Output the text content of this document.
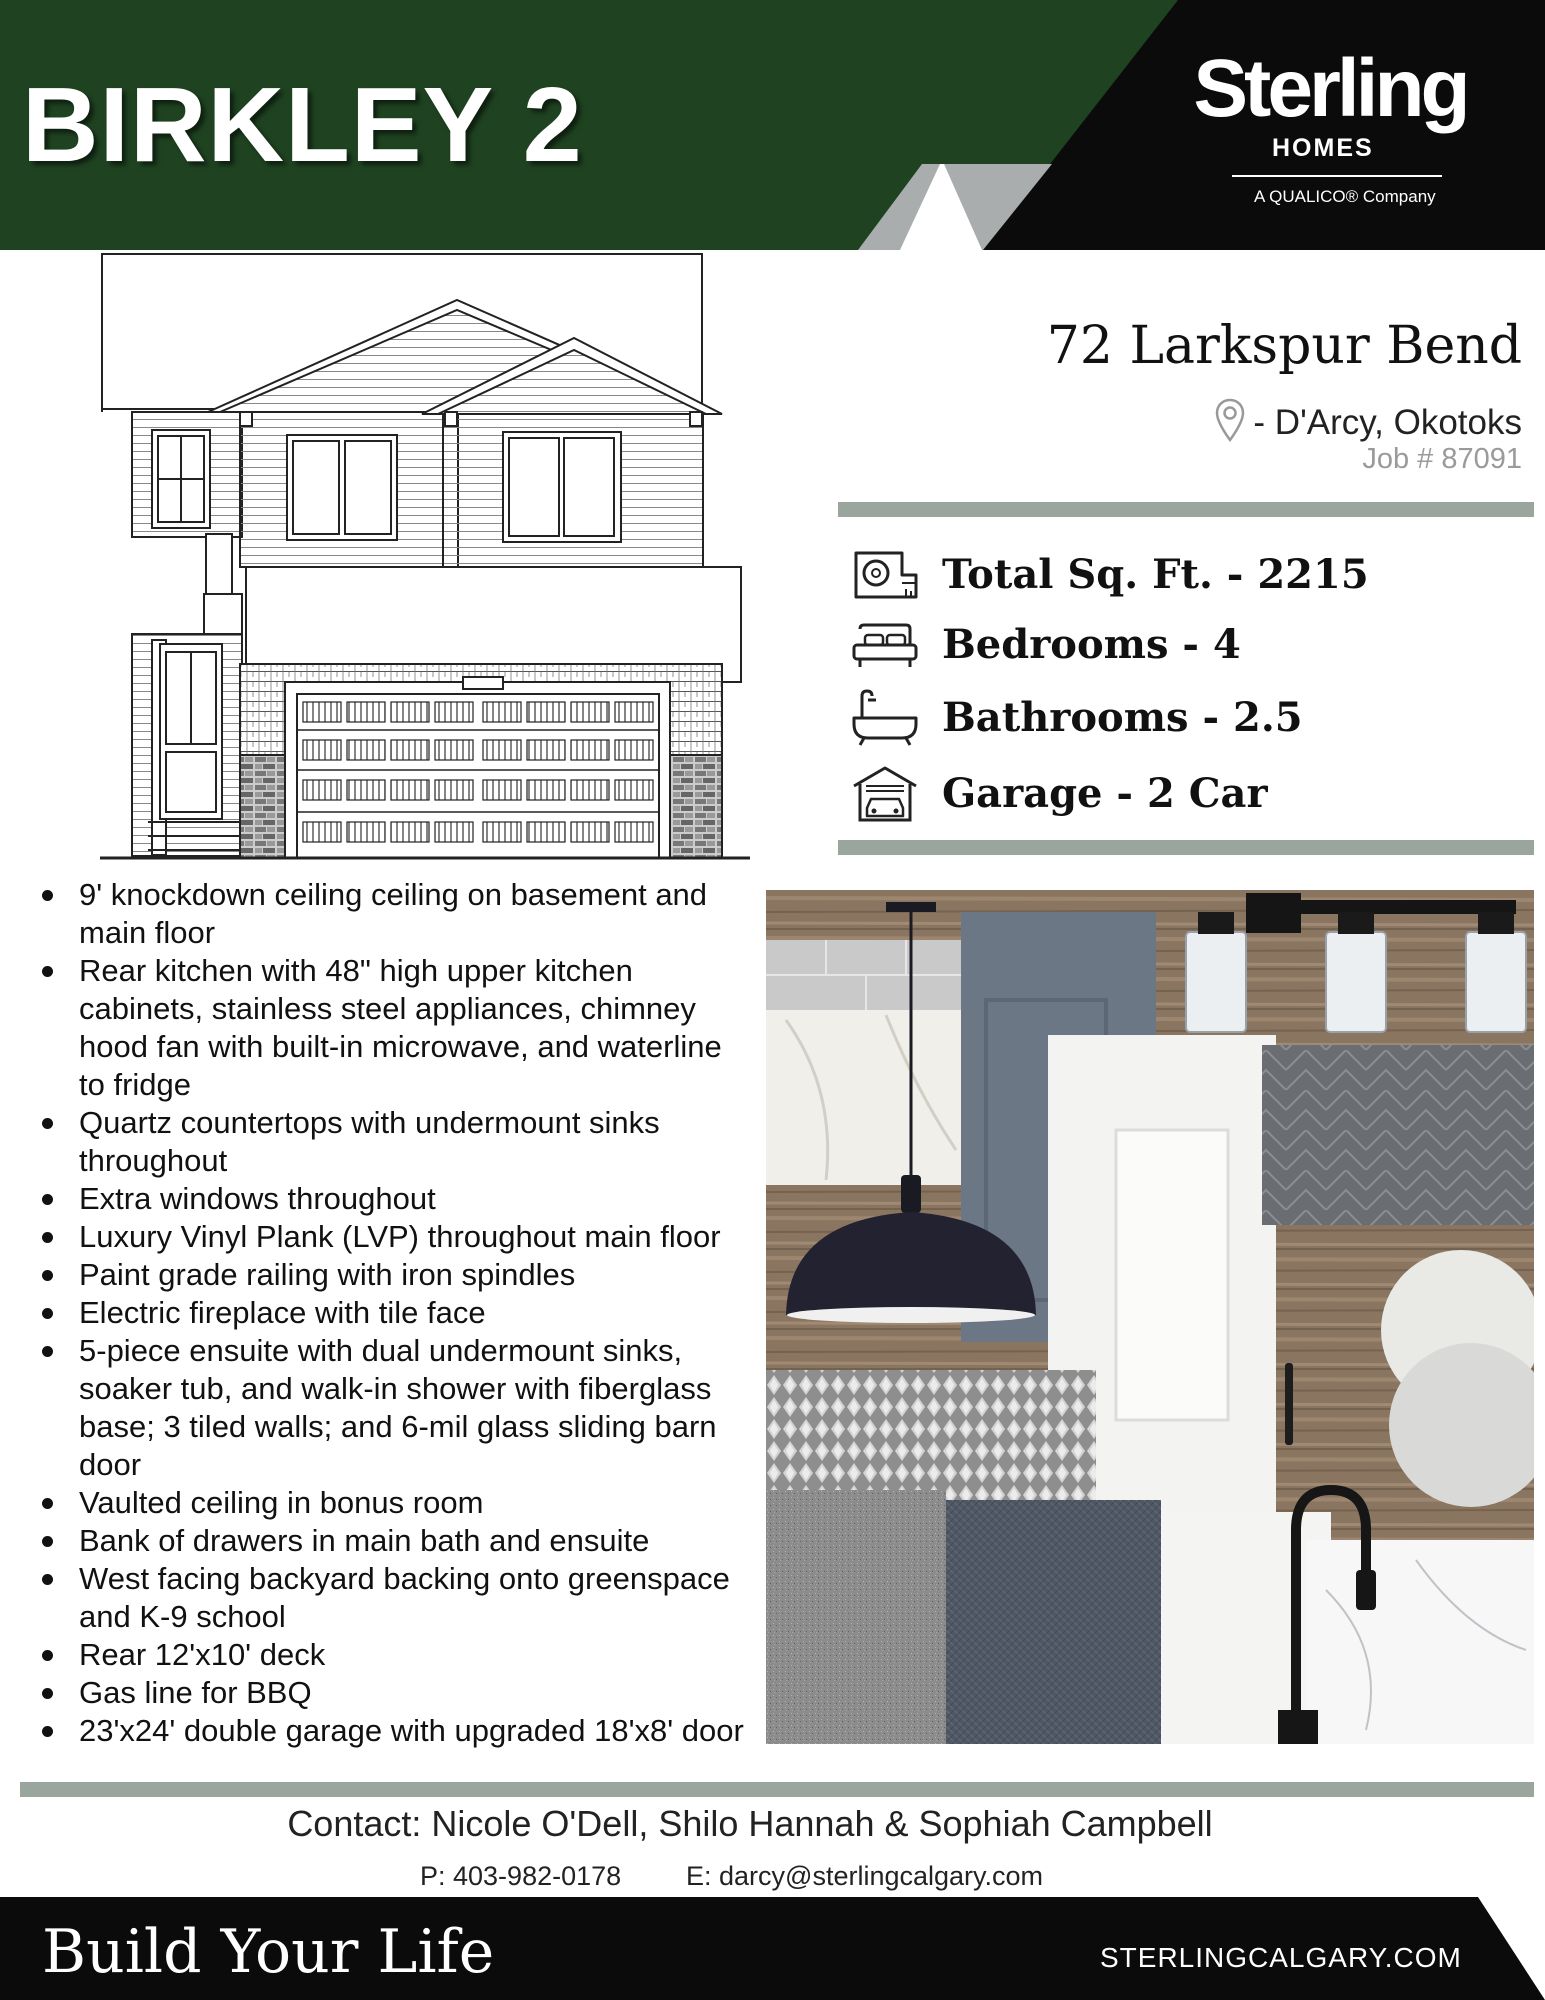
BIRKLEY 2	Sterling
HOMES
A QUALICO® Company
72 Larkspur Bend
- D'Arcy, Okotoks
Job # 87091
Total Sq. Ft. - 2215
Bedrooms - 4
Bathrooms - 2.5
Garage - 2 Car
9' knockdown ceiling ceiling on basement and main floor
Rear kitchen with 48" high upper kitchen cabinets, stainless steel appliances, chimney hood fan with built-in microwave, and waterline to fridge
Quartz countertops with undermount sinks throughout
Extra windows throughout
Luxury Vinyl Plank (LVP) throughout main floor
Paint grade railing with iron spindles
Electric fireplace with tile face
5-piece ensuite with dual undermount sinks, soaker tub, and walk-in shower with fiberglass base; 3 tiled walls; and 6-mil glass sliding barn door
Vaulted ceiling in bonus room
Bank of drawers in main bath and ensuite
West facing backyard backing onto greenspace and K-9 school
Rear 12'x10' deck
Gas line for BBQ
23'x24' double garage with upgraded 18'x8' door
Contact: Nicole O'Dell, Shilo Hannah & Sophiah Campbell
P: 403-982-0178 E: darcy@sterlingcalgary.com
Build Your Life	STERLINGCALGARY.COM
